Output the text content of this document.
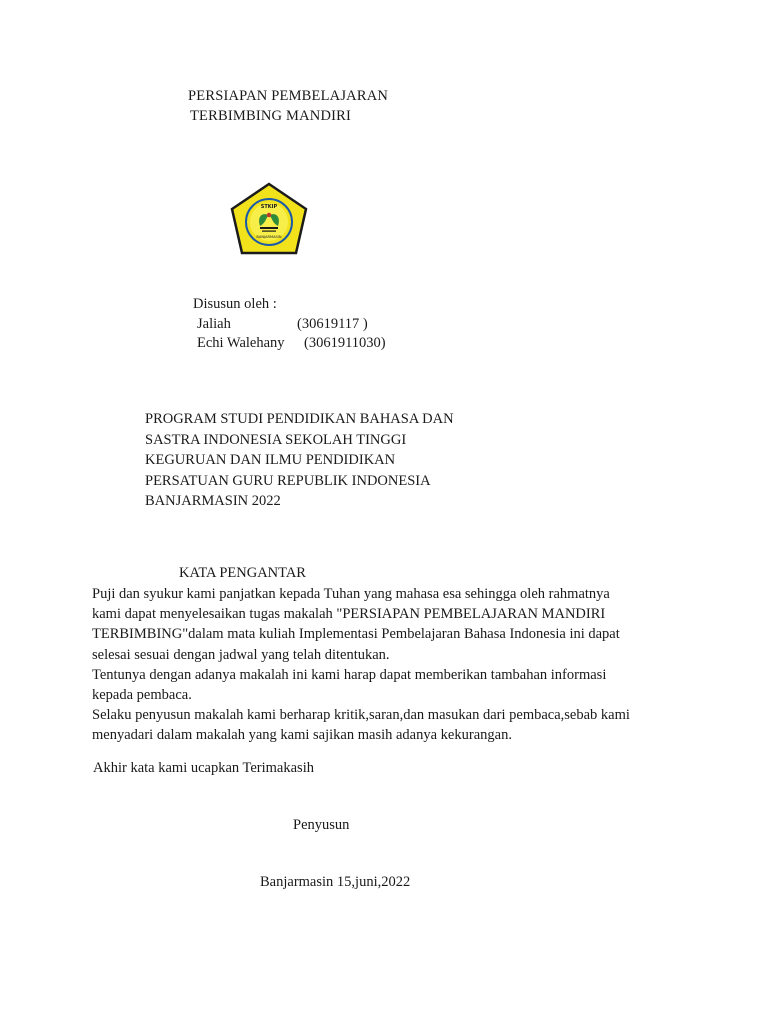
PERSIAPAN PEMBELAJARAN
TERBIMBING MANDIRI
STKIP
BANJARMASIN
Disusun oleh :
Jaliah	(30619117 )
Echi Walehany (3061911030)
PROGRAM STUDI PENDIDIKAN BAHASA DAN
SASTRA INDONESIA SEKOLAH TINGGI
KEGURUAN DAN ILMU PENDIDIKAN
PERSATUAN GURU REPUBLIK INDONESIA
BANJARMASIN 2022
KATA PENGANTAR
Puji dan syukur kami panjatkan kepada Tuhan yang mahasa esa sehingga oleh rahmatnya
kami dapat menyelesaikan tugas makalah "PERSIAPAN PEMBELAJARAN MANDIRI
TERBIMBING"dalam mata kuliah Implementasi Pembelajaran Bahasa Indonesia ini dapat
selesai sesuai dengan jadwal yang telah ditentukan.
Tentunya dengan adanya makalah ini kami harap dapat memberikan tambahan informasi
kepada pembaca.
Selaku penyusun makalah kami berharap kritik,saran,dan masukan dari pembaca,sebab kami
menyadari dalam makalah yang kami sajikan masih adanya kekurangan.
Akhir kata kami ucapkan Terimakasih
Penyusun
Banjarmasin 15,juni,2022
